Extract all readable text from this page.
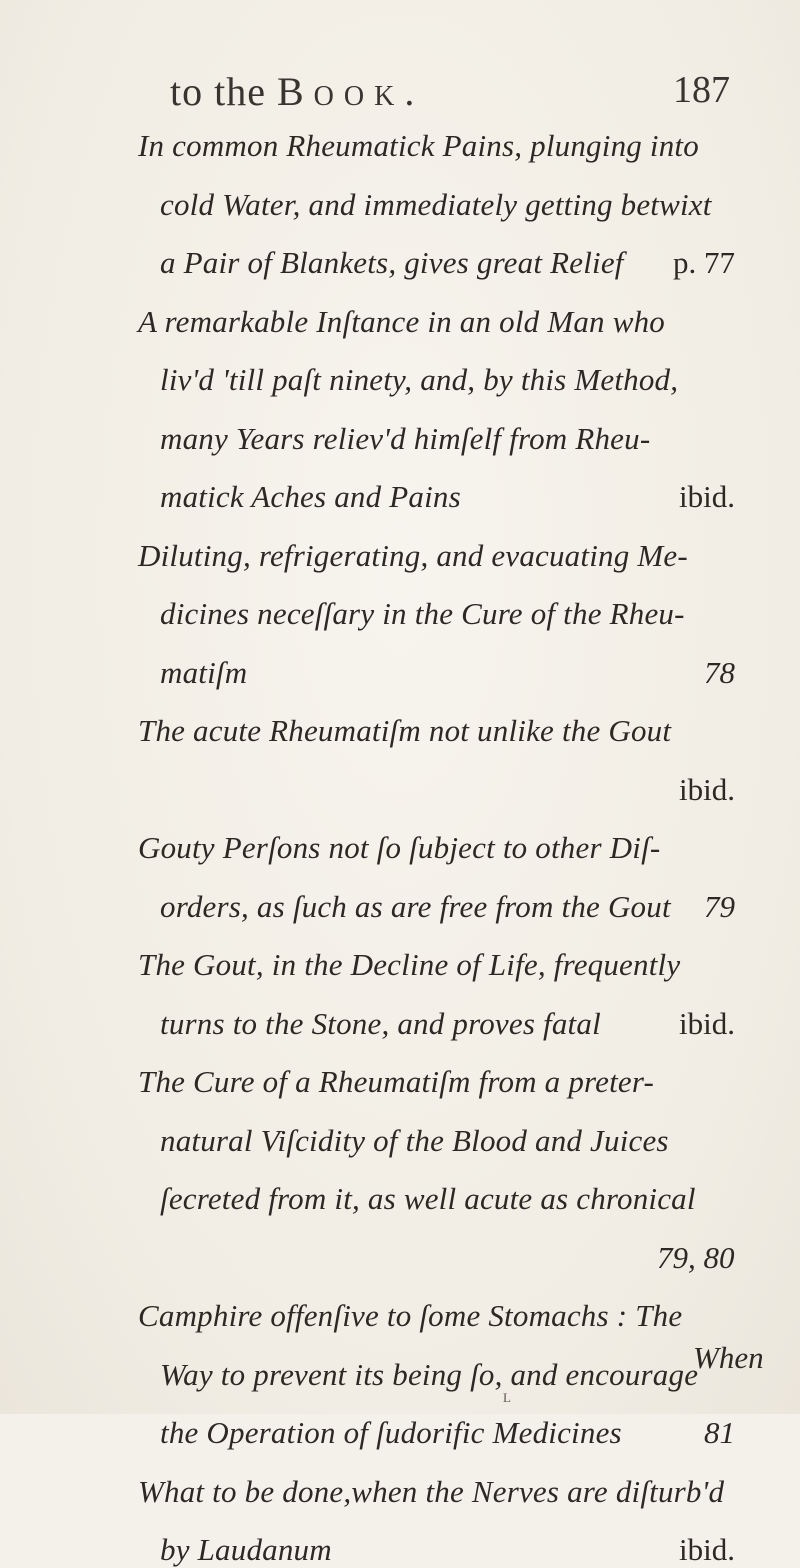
to the Book.	187
In common Rheumatick Pains, plunging into
cold Water, and immediately getting betwixt
a Pair of Blankets, gives great Relief p. 77
A remarkable Inſtance in an old Man who
liv'd 'till paſt ninety, and, by this Method,
many Years reliev'd himſelf from Rheu-
matick Aches and Pains	ibid.
Diluting, refrigerating, and evacuating Me-
dicines neceſſary in the Cure of the Rheu-
matiſm	78
The acute Rheumatiſm not unlike the Gout
ibid.
Gouty Perſons not ſo ſubject to other Diſ-
orders, as ſuch as are free from the Gout 79
The Gout, in the Decline of Life, frequently
turns to the Stone, and proves fatal	ibid.
The Cure of a Rheumatiſm from a preter-
natural Viſcidity of the Blood and Juices
ſecreted from it, as well acute as chronical
79, 80
Camphire offenſive to ſome Stomachs : The
Way to prevent its being ſo, and encourage
the Operation of ſudorific Medicines	81
What to be done,when the Nerves are diſturb'd
by Laudanum	ibid.
When
L
